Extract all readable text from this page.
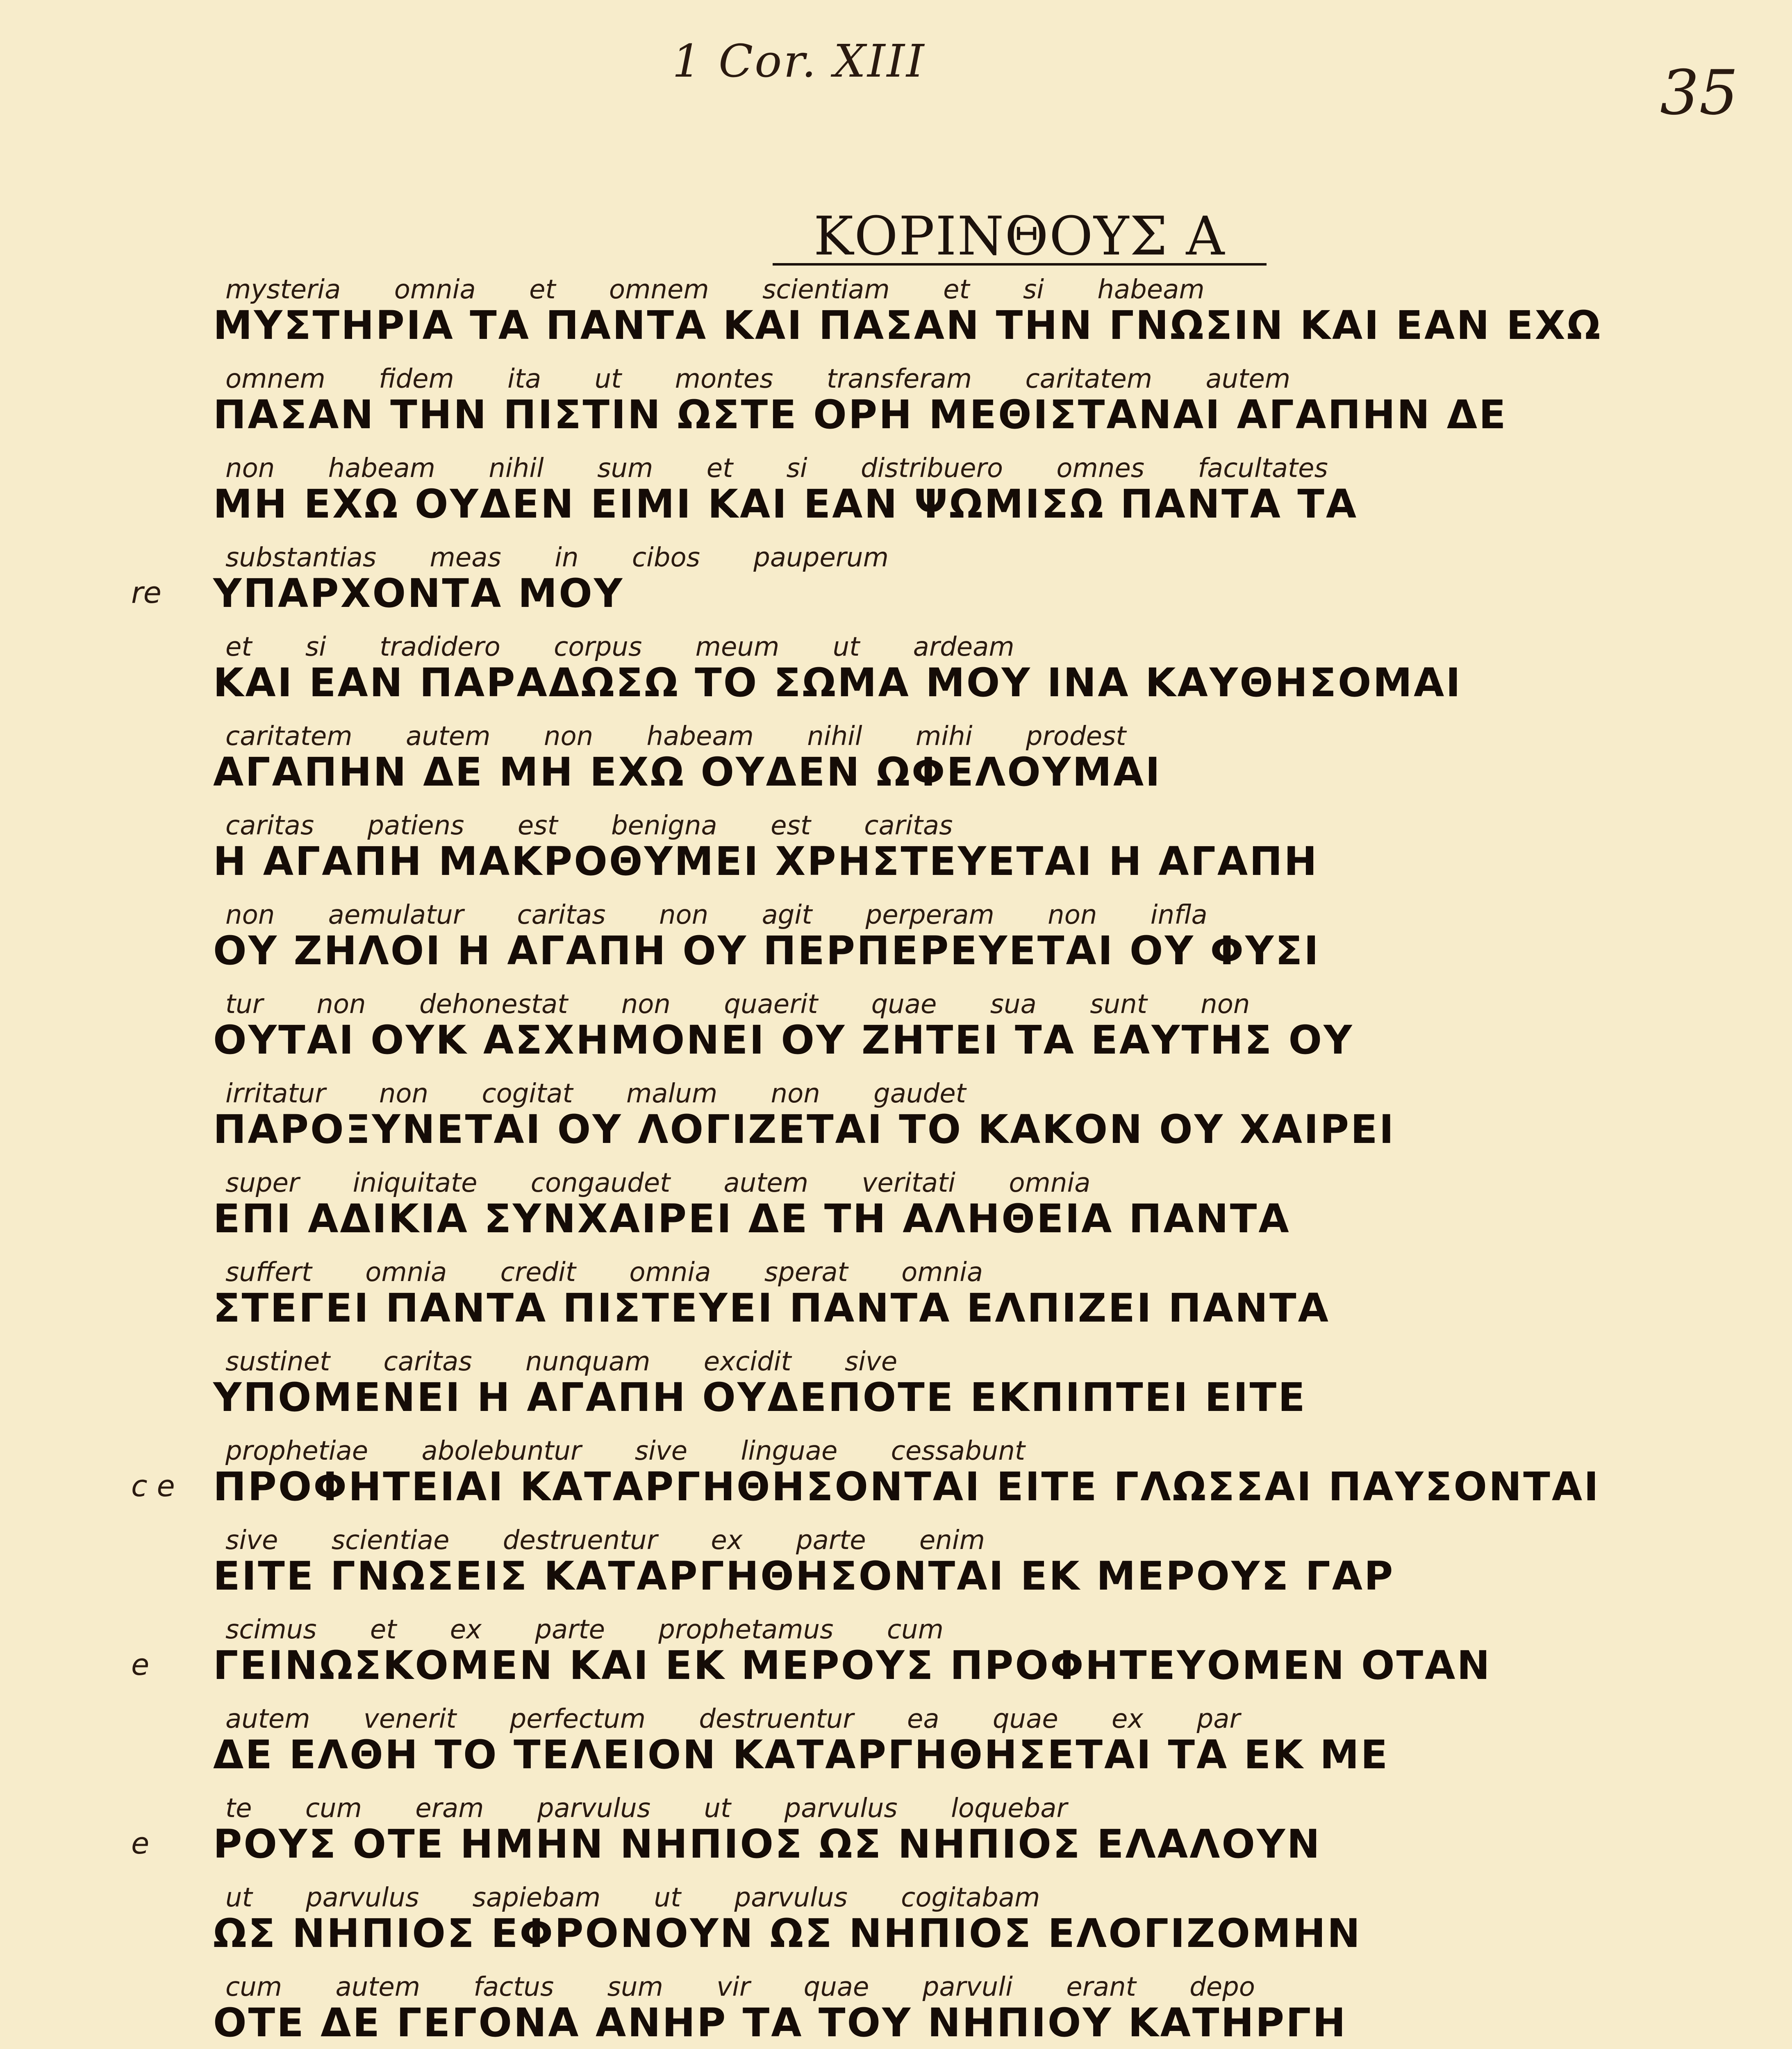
1 Cor. XIII	35
ΚΟΡΙΝΘΟΥΣ Α
mysteria omnia et omnem scientiam et si habeam
ΜΥΣΤΗΡΙΑ ΤΑ ΠΑΝΤΑ ΚΑΙ ΠΑΣΑΝ ΤΗΝ ΓΝΩΣΙΝ ΚΑΙ ΕΑΝ ΕΧΩ
omnem fidem ita ut montes transferam caritatem autem
ΠΑΣΑΝ ΤΗΝ ΠΙΣΤΙΝ ΩΣΤΕ ΟΡΗ ΜΕΘΙΣΤΑΝΑΙ ΑΓΑΠΗΝ ΔΕ
non habeam nihil sum et si distribuero omnes facultates
ΜΗ ΕΧΩ ΟΥΔΕΝ ΕΙΜΙ ΚΑΙ ΕΑΝ ΨΩΜΙΣΩ ΠΑΝΤΑ ΤΑ
re
substantias meas in cibos pauperum
ΥΠΑΡΧΟΝΤΑ ΜΟΥ
et si tradidero corpus meum ut ardeam
ΚΑΙ ΕΑΝ ΠΑΡΑΔΩΣΩ ΤΟ ΣΩΜΑ ΜΟΥ ΙΝΑ ΚΑΥΘΗΣΟΜΑΙ
caritatem autem non habeam nihil mihi prodest
ΑΓΑΠΗΝ ΔΕ ΜΗ ΕΧΩ ΟΥΔΕΝ ΩΦΕΛΟΥΜΑΙ
caritas patiens est benigna est caritas
Η ΑΓΑΠΗ ΜΑΚΡΟΘΥΜΕΙ ΧΡΗΣΤΕΥΕΤΑΙ Η ΑΓΑΠΗ
non aemulatur caritas non agit perperam non infla
ΟΥ ΖΗΛΟΙ Η ΑΓΑΠΗ ΟΥ ΠΕΡΠΕΡΕΥΕΤΑΙ ΟΥ ΦΥΣΙ
tur non dehonestat non quaerit quae sua sunt non
ΟΥΤΑΙ ΟΥΚ ΑΣΧΗΜΟΝΕΙ ΟΥ ΖΗΤΕΙ ΤΑ ΕΑΥΤΗΣ ΟΥ
irritatur non cogitat malum non gaudet
ΠΑΡΟΞΥΝΕΤΑΙ ΟΥ ΛΟΓΙΖΕΤΑΙ ΤΟ ΚΑΚΟΝ ΟΥ ΧΑΙΡΕΙ
super iniquitate congaudet autem veritati omnia
ΕΠΙ ΑΔΙΚΙΑ ΣΥΝΧΑΙΡΕΙ ΔΕ ΤΗ ΑΛΗΘΕΙΑ ΠΑΝΤΑ
suffert omnia credit omnia sperat omnia
ΣΤΕΓΕΙ ΠΑΝΤΑ ΠΙΣΤΕΥΕΙ ΠΑΝΤΑ ΕΛΠΙΖΕΙ ΠΑΝΤΑ
sustinet caritas nunquam excidit sive
ΥΠΟΜΕΝΕΙ Η ΑΓΑΠΗ ΟΥΔΕΠΟΤΕ ΕΚΠΙΠΤΕΙ ΕΙΤΕ
c e
prophetiae abolebuntur sive linguae cessabunt
ΠΡΟΦΗΤΕΙΑΙ ΚΑΤΑΡΓΗΘΗΣΟΝΤΑΙ ΕΙΤΕ ΓΛΩΣΣΑΙ ΠΑΥΣΟΝΤΑΙ
sive scientiae destruentur ex parte enim
ΕΙΤΕ ΓΝΩΣΕΙΣ ΚΑΤΑΡΓΗΘΗΣΟΝΤΑΙ ΕΚ ΜΕΡΟΥΣ ΓΑΡ
e
scimus et ex parte prophetamus cum
ΓΕΙΝΩΣΚΟΜΕΝ ΚΑΙ ΕΚ ΜΕΡΟΥΣ ΠΡΟΦΗΤΕΥΟΜΕΝ ΟΤΑΝ
autem venerit perfectum destruentur ea quae ex par
ΔΕ ΕΛΘΗ ΤΟ ΤΕΛΕΙΟΝ ΚΑΤΑΡΓΗΘΗΣΕΤΑΙ ΤΑ ΕΚ ΜΕ
e
te cum eram parvulus ut parvulus loquebar
ΡΟΥΣ ΟΤΕ ΗΜΗΝ ΝΗΠΙΟΣ ΩΣ ΝΗΠΙΟΣ ΕΛΑΛΟΥΝ
ut parvulus sapiebam ut parvulus cogitabam
ΩΣ ΝΗΠΙΟΣ ΕΦΡΟΝΟΥΝ ΩΣ ΝΗΠΙΟΣ ΕΛΟΓΙΖΟΜΗΝ
cum autem factus sum vir quae parvuli erant depo
ΟΤΕ ΔΕ ΓΕΓΟΝΑ ΑΝΗΡ ΤΑ ΤΟΥ ΝΗΠΙΟΥ ΚΑΤΗΡΓΗ
